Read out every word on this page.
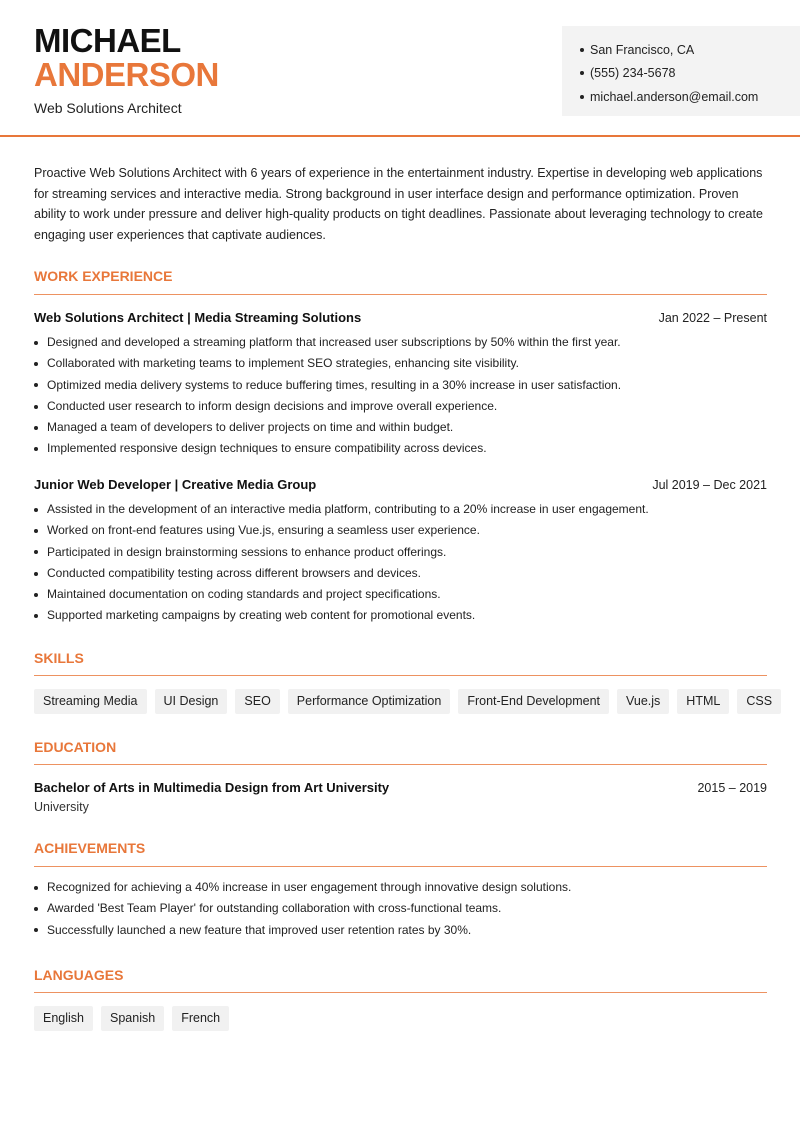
MICHAEL
ANDERSON
Web Solutions Architect
San Francisco, CA
(555) 234-5678
michael.anderson@email.com

Proactive Web Solutions Architect with 6 years of experience in the entertainment industry. Expertise in developing web applications for streaming services and interactive media. Strong background in user interface design and performance optimization. Proven ability to work under pressure and deliver high-quality products on tight deadlines. Passionate about leveraging technology to create engaging user experiences that captivate audiences.

WORK EXPERIENCE
Web Solutions Architect | Media Streaming Solutions	Jan 2022 – Present
Designed and developed a streaming platform that increased user subscriptions by 50% within the first year.
Collaborated with marketing teams to implement SEO strategies, enhancing site visibility.
Optimized media delivery systems to reduce buffering times, resulting in a 30% increase in user satisfaction.
Conducted user research to inform design decisions and improve overall experience.
Managed a team of developers to deliver projects on time and within budget.
Implemented responsive design techniques to ensure compatibility across devices.
Junior Web Developer | Creative Media Group	Jul 2019 – Dec 2021
Assisted in the development of an interactive media platform, contributing to a 20% increase in user engagement.
Worked on front-end features using Vue.js, ensuring a seamless user experience.
Participated in design brainstorming sessions to enhance product offerings.
Conducted compatibility testing across different browsers and devices.
Maintained documentation on coding standards and project specifications.
Supported marketing campaigns by creating web content for promotional events.
SKILLS
Streaming Media	UI Design	SEO	Performance Optimization	Front-End Development	Vue.js	HTML	CSS
EDUCATION
Bachelor of Arts in Multimedia Design from Art University	2015 – 2019
University
ACHIEVEMENTS
Recognized for achieving a 40% increase in user engagement through innovative design solutions.
Awarded 'Best Team Player' for outstanding collaboration with cross-functional teams.
Successfully launched a new feature that improved user retention rates by 30%.
LANGUAGES
English	Spanish	French
